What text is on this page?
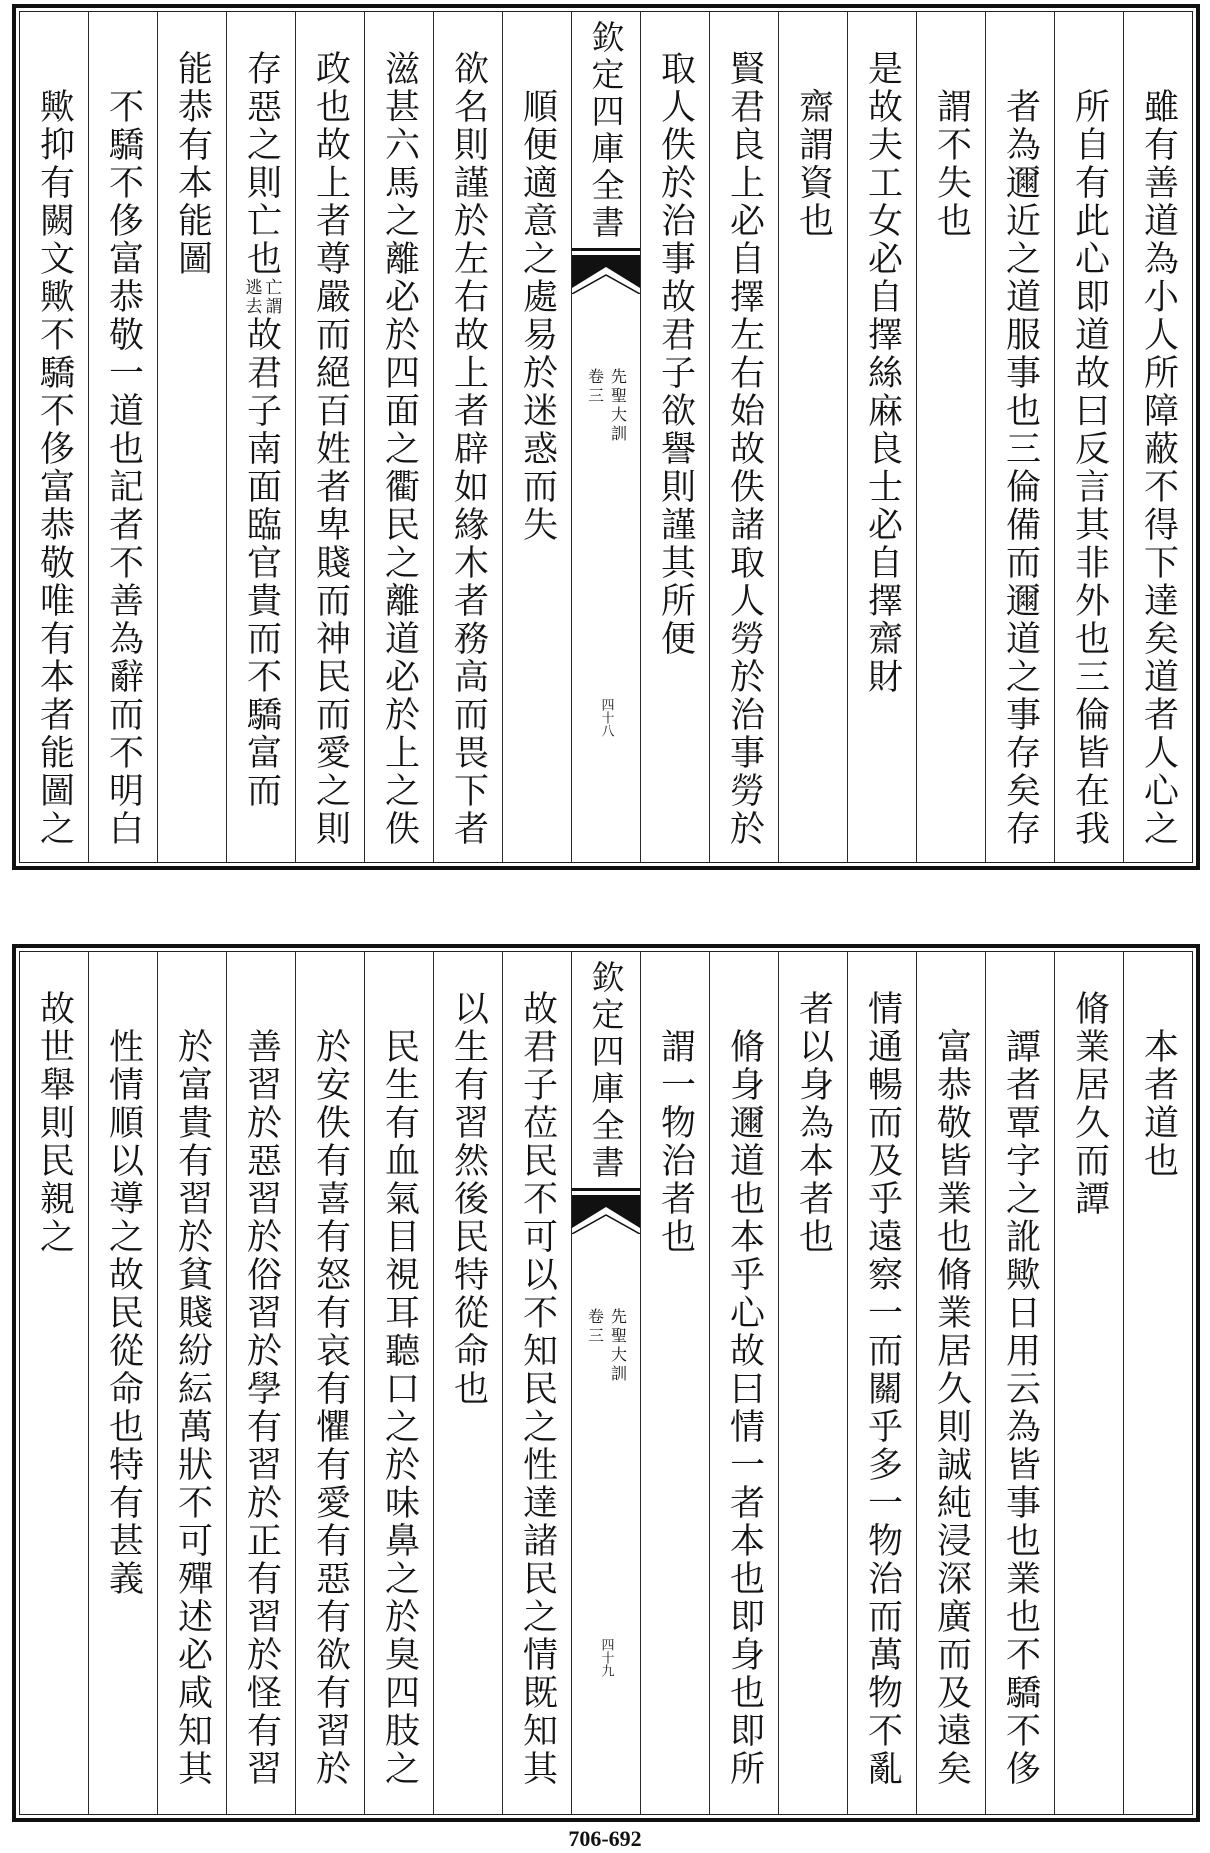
雖有善道為小人所障蔽不得下達矣道者人心之
所自有此心即道故曰反言其非外也三倫皆在我
者為邇近之道服事也三倫備而邇道之事存矣存
謂不失也
是故夫工女必自擇絲麻良士必自擇齋財
齋謂資也
賢君良上必自擇左右始故佚諸取人勞於治事勞於
取人佚於治事故君子欲譽則謹其所便
欽定四庫全書
先聖大訓
卷三
四十八
順便適意之處易於迷惑而失
欲名則謹於左右故上者辟如緣木者務高而畏下者
滋甚六馬之離必於四面之衢民之離道必於上之佚
政也故上者尊嚴而絕百姓者卑賤而神民而愛之則
存惡之則亡也
亡謂
逃去
故君子南面臨官貴而不驕富而
能恭有本能圖
不驕不侈富恭敬一道也記者不善為辭而不明白
歟抑有闕文歟不驕不侈富恭敬唯有本者能圖之
本者道也
脩業居久而譚
譚者覃字之訛歟日用云為皆事也業也不驕不侈
富恭敬皆業也脩業居久則誠純浸深廣而及遠矣
情通暢而及乎遠察一而關乎多一物治而萬物不亂
者以身為本者也
脩身邇道也本乎心故曰情一者本也即身也即所
謂一物治者也
欽定四庫全書
先聖大訓
卷三
四十九
故君子莅民不可以不知民之性達諸民之情既知其
以生有習然後民特從命也
民生有血氣目視耳聽口之於味鼻之於臭四肢之
於安佚有喜有怒有哀有懼有愛有惡有欲有習於
善習於惡習於俗習於學有習於正有習於怪有習
於富貴有習於貧賤紛紜萬狀不可殫述必咸知其
性情順以導之故民從命也特有甚義
故世舉則民親之
706-692
